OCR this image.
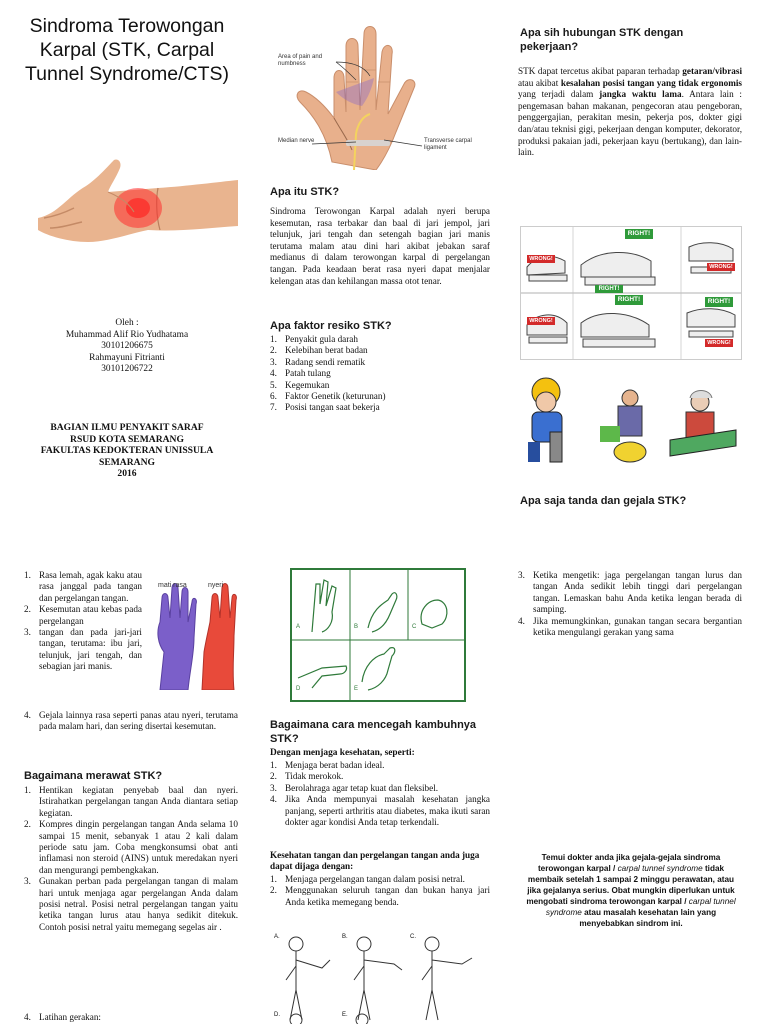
Sindroma Terowongan Karpal (STK, Carpal Tunnel Syndrome/CTS)
Oleh :
Muhammad Alif Rio Yudhatama
30101206675
Rahmayuni Fitrianti
30101206722
BAGIAN ILMU PENYAKIT SARAF
RSUD KOTA SEMARANG
FAKULTAS KEDOKTERAN UNISSULA
SEMARANG
2016
Area of pain and numbness
Median nerve	Transverse carpal ligament
Apa itu STK?
Sindroma Terowongan Karpal adalah nyeri berupa kesemutan, rasa terbakar dan baal di jari jempol, jari telunjuk, jari tengah dan setengah bagian jari manis terutama malam atau dini hari akibat jebakan saraf medianus di dalam terowongan karpal di pergelangan tangan. Pada keadaan berat rasa nyeri dapat menjalar kelengan atas dan kehilangan massa otot tenar.
Apa faktor resiko STK?
1. Penyakit gula darah
2. Kelebihan berat badan
3. Radang sendi rematik
4. Patah tulang
5. Kegemukan
6. Faktor Genetik (keturunan)
7. Posisi tangan saat bekerja
Apa sih hubungan STK dengan pekerjaan?
STK dapat tercetus akibat paparan terhadap getaran/vibrasi atau akibat kesalahan posisi tangan yang tidak ergonomis yang terjadi dalam jangka waktu lama. Antara lain : pengemasan bahan makanan, pengecoran atau pengeboran, penggergajian, perakitan mesin, pekerja pos, dokter gigi dan/atau teknisi gigi, pekerjaan dengan komputer, dekorator, produksi pakaian jadi, pekerjaan kayu (bertukang), dan lain-lain.
RIGHT!
RIGHT!
RIGHT!	RIGHT!
WRONG!
WRONG!
WRONG!
WRONG!
Apa saja tanda dan gejala STK?
1. Rasa lemah, agak kaku atau rasa janggal pada tangan dan pergelangan tangan.
2. Kesemutan atau kebas pada pergelangan
3. tangan dan pada jari-jari tangan, terutama: ibu jari, telunjuk, jari tengah, dan sebagian jari manis.
mati rasa	nyeri
4. Gejala lainnya rasa seperti panas atau nyeri, terutama pada malam hari, dan sering disertai kesemutan.
Bagaimana merawat STK?
1. Hentikan kegiatan penyebab baal dan nyeri. Istirahatkan pergelangan tangan Anda diantara setiap kegiatan.
2. Kompres dingin pergelangan tangan Anda selama 10 sampai 15 menit, sebanyak 1 atau 2 kali dalam periode satu jam. Coba mengkonsumsi obat anti inflamasi non steroid (AINS) untuk meredakan nyeri dan mengurangi pembengkakan.
3. Gunakan perban pada pergelangan tangan di malam hari untuk menjaga agar pergelangan Anda dalam posisi netral. Posisi netral pergelangan tangan yaitu ketika tangan lurus atau hanya sedikit ditekuk. Contoh posisi netral yaitu memegang segelas air .
4. Latihan gerakan:
A	B	C
D	E
Bagaimana cara mencegah kambuhnya STK?
Dengan menjaga kesehatan, seperti:
1. Menjaga berat badan ideal.
2. Tidak merokok.
3. Berolahraga agar tetap kuat dan fleksibel.
4. Jika Anda mempunyai masalah kesehatan jangka panjang, seperti arthritis atau diabetes, maka ikuti saran dokter agar kondisi Anda tetap terkendali.
Kesehatan tangan dan pergelangan tangan anda juga dapat dijaga dengan:
1. Menjaga pergelangan tangan dalam posisi netral.
2. Menggunakan seluruh tangan dan bukan hanya jari Anda ketika memegang benda.
A.	B.	C.
D.	E.
3. Ketika mengetik: jaga pergelangan tangan lurus dan tangan Anda sedikit lebih tinggi dari pergelangan tangan. Lemaskan bahu Anda ketika lengan berada di samping.
4. Jika memungkinkan, gunakan tangan secara bergantian ketika mengulangi gerakan yang sama
Temui dokter anda jika gejala-gejala sindroma terowongan karpal / carpal tunnel syndrome tidak membaik setelah 1 sampai 2 minggu perawatan, atau jika gejalanya serius. Obat mungkin diperlukan untuk mengobati sindroma terowongan karpal / carpal tunnel syndrome atau masalah kesehatan lain yang menyebabkan sindrom ini.
